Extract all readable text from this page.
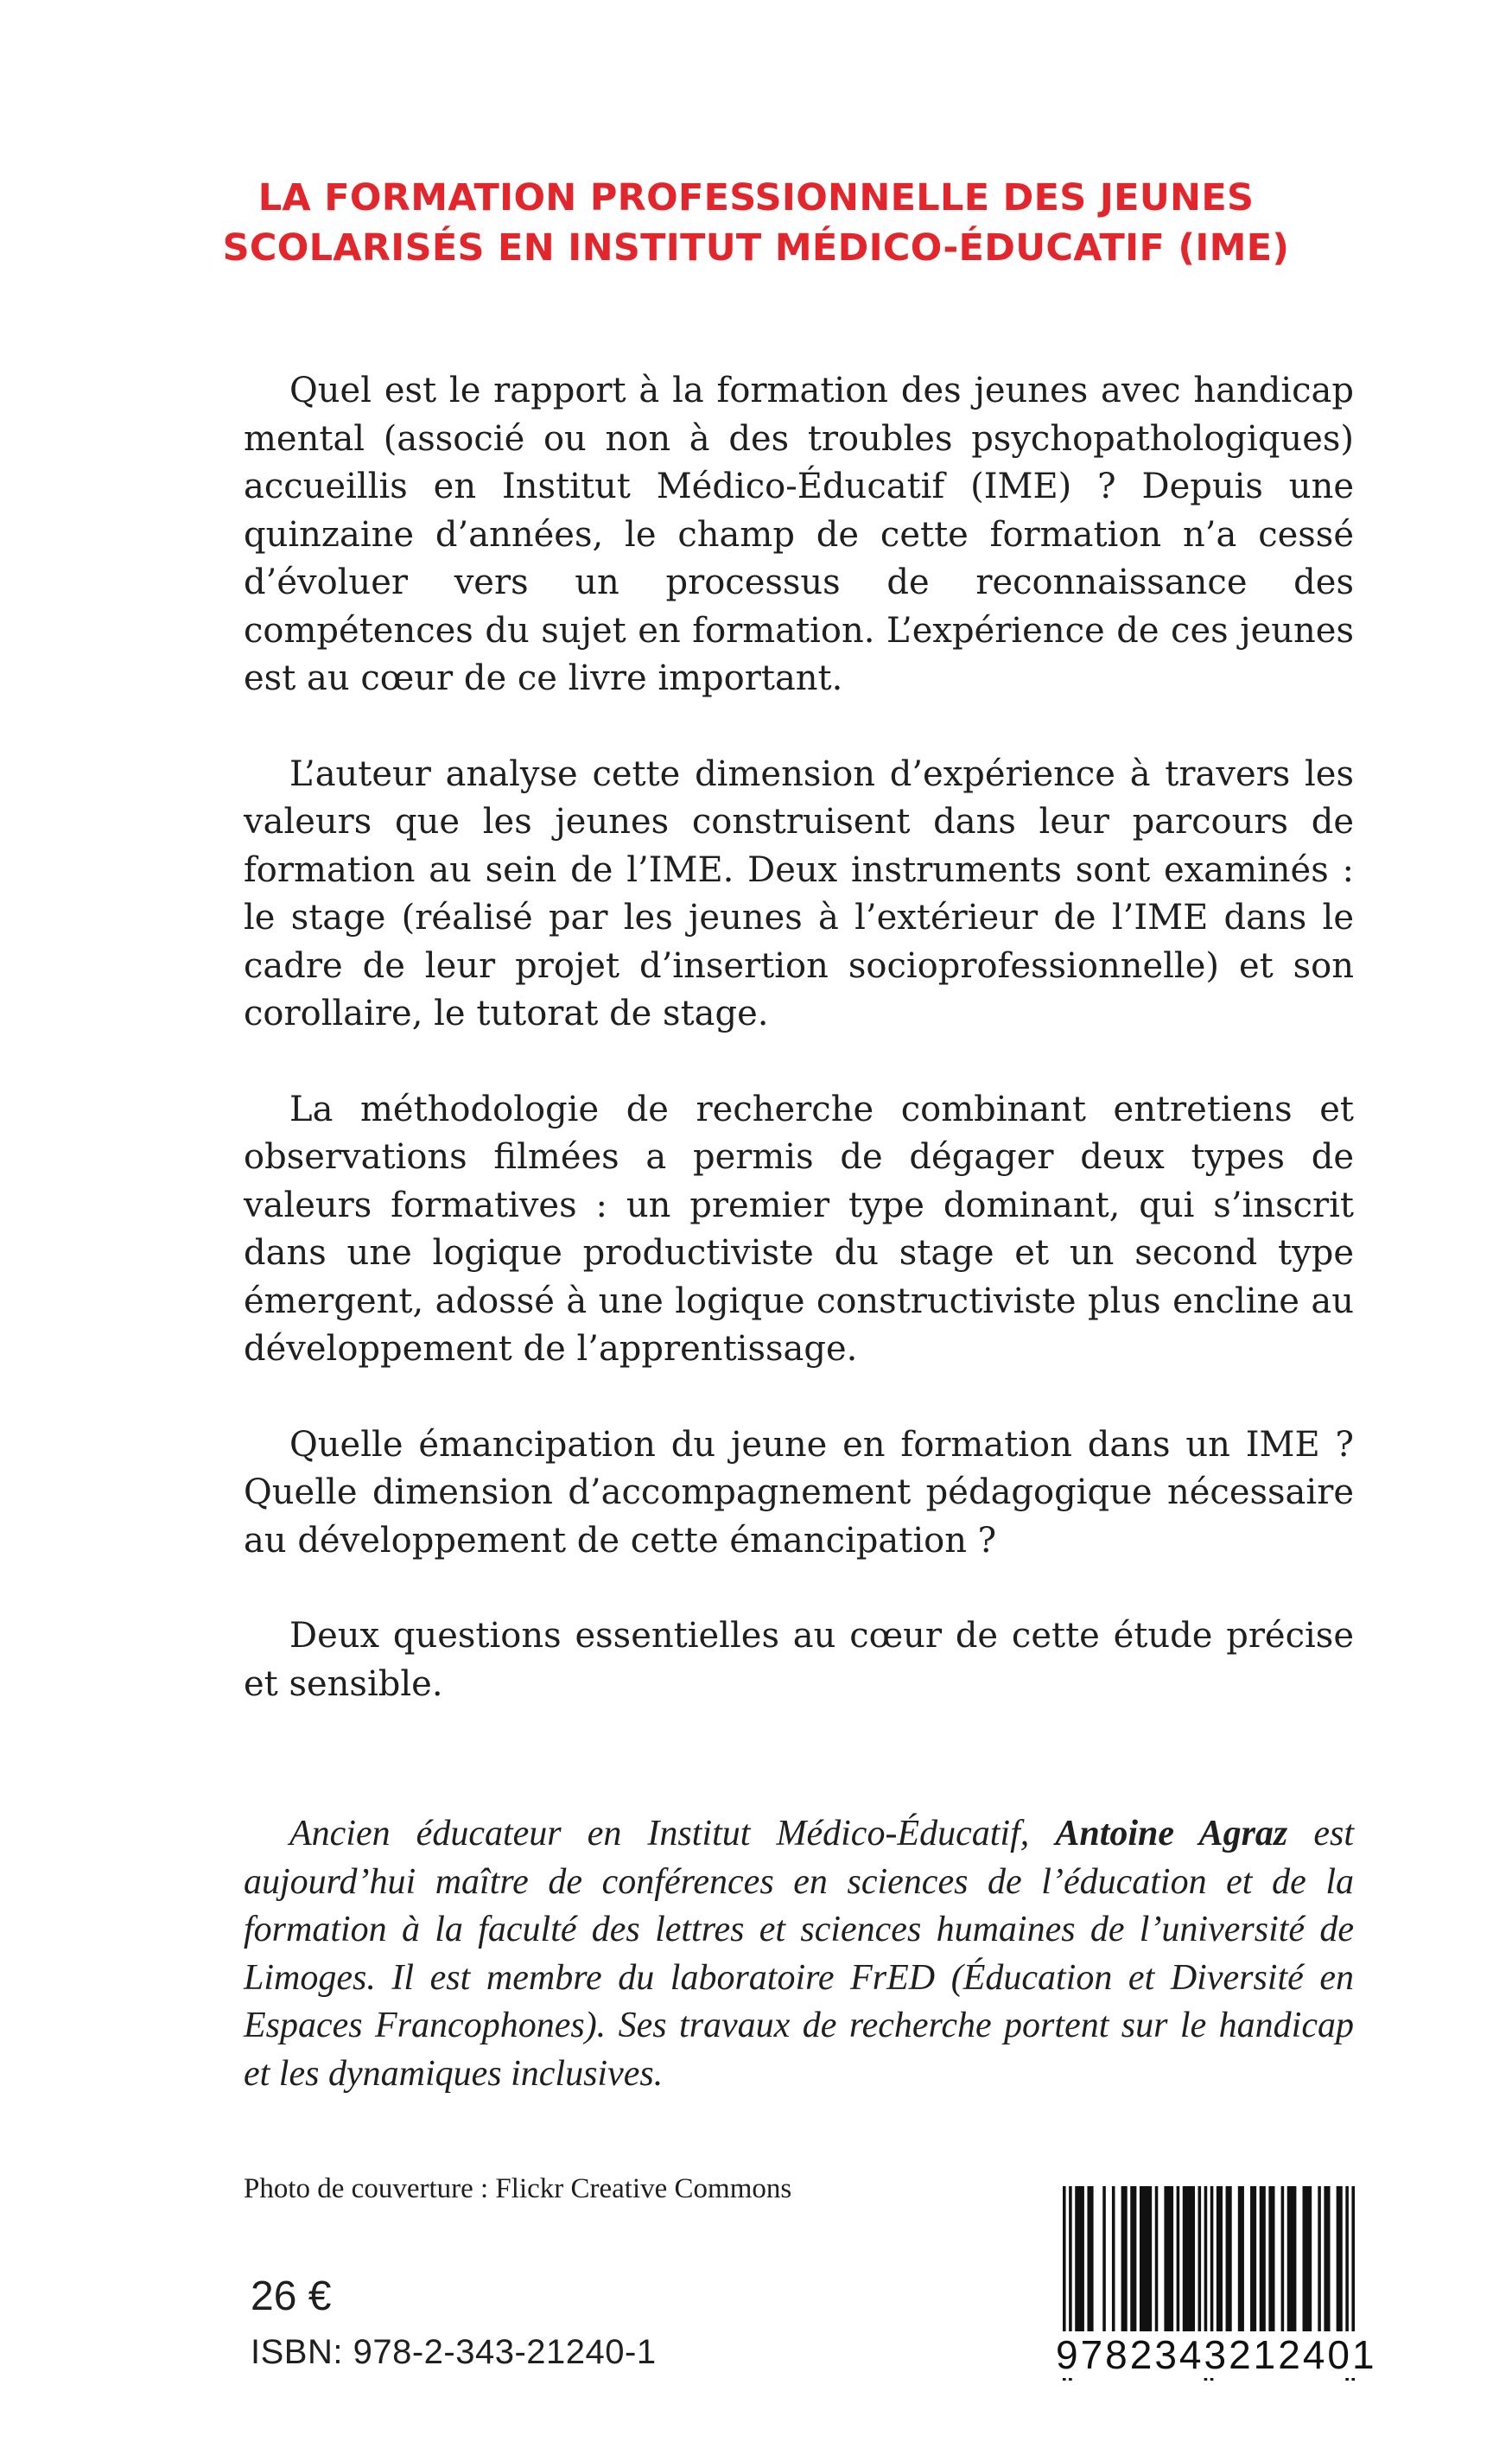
LA FORMATION PROFESSIONNELLE DES JEUNES
SCOLARISÉS EN INSTITUT MÉDICO-ÉDUCATIF (IME)

Quel est le rapport à la formation des jeunes avec handicap mental (associé ou non à des troubles psychopathologiques) accueillis en Institut Médico-Éducatif (IME) ? Depuis une quinzaine d’années, le champ de cette formation n’a cessé d’évoluer vers un processus de reconnaissance des compétences du sujet en formation. L’expérience de ces jeunes est au cœur de ce livre important.

L’auteur analyse cette dimension d’expérience à travers les valeurs que les jeunes construisent dans leur parcours de formation au sein de l’IME. Deux instruments sont examinés : le stage (réalisé par les jeunes à l’extérieur de l’IME dans le cadre de leur projet d’insertion socioprofessionnelle) et son corollaire, le tutorat de stage.

La méthodologie de recherche combinant entretiens et observations filmées a permis de dégager deux types de valeurs formatives : un premier type dominant, qui s’inscrit dans une logique productiviste du stage et un second type émergent, adossé à une logique constructiviste plus encline au développement de l’apprentissage.

Quelle émancipation du jeune en formation dans un IME ? Quelle dimension d’accompagnement pédagogique nécessaire au développement de cette émancipation ?

Deux questions essentielles au cœur de cette étude précise et sensible.

Ancien éducateur en Institut Médico-Éducatif, Antoine Agraz est aujourd’hui maître de conférences en sciences de l’éducation et de la formation à la faculté des lettres et sciences humaines de l’université de Limoges. Il est membre du laboratoire FrED (Éducation et Diversité en Espaces Francophones). Ses travaux de recherche portent sur le handicap et les dynamiques inclusives.

Photo de couverture : Flickr Creative Commons
26 €
ISBN: 978-2-343-21240-1	9782343212401
